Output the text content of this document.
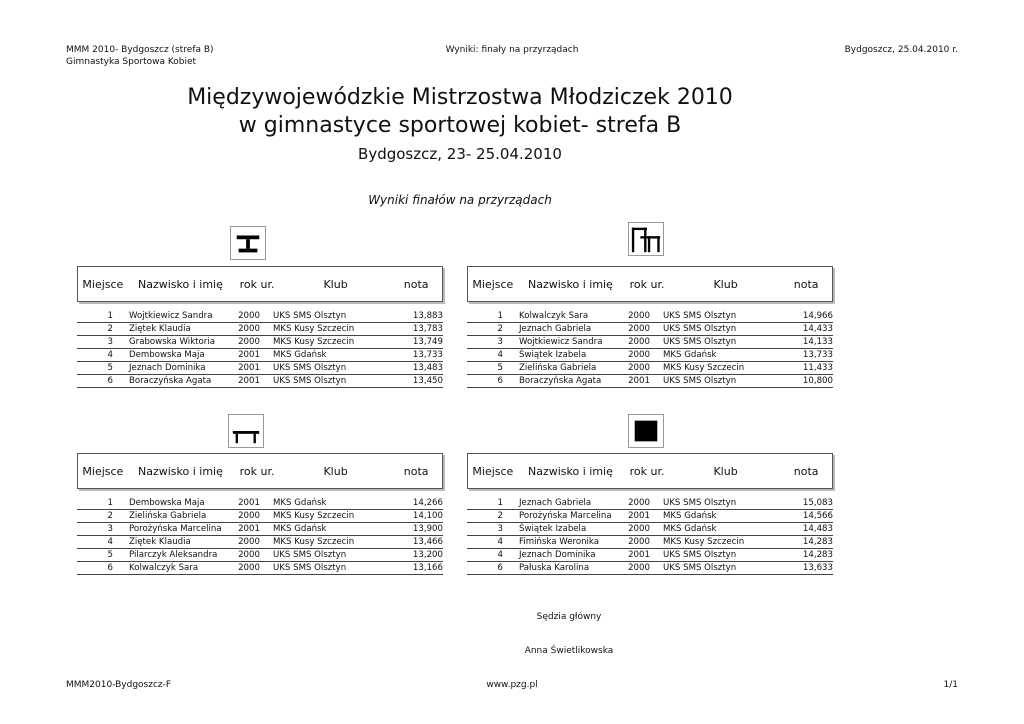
MMM 2010- Bydgoszcz (strefa B)
Gimnastyka Sportowa Kobiet
Wyniki: finały na przyrządach	Bydgoszcz, 25.04.2010 r.
Międzywojewódzkie Mistrzostwa Młodziczek 2010
w gimnastyce sportowej kobiet- strefa B
Bydgoszcz, 23- 25.04.2010
Wyniki finałów na przyrządach
Miejsce	Nazwisko i imię	rok ur.	Klub	nota
1	Wojtkiewicz Sandra	2000	UKS SMS Olsztyn	13,883
2	Ziętek Klaudia	2000	MKS Kusy Szczecin	13,783
3	Grabowska Wiktoria	2000	MKS Kusy Szczecin	13,749
4	Dembowska Maja	2001	MKS Gdańsk	13,733
5	Jeznach Dominika	2001	UKS SMS Olsztyn	13,483
6	Boraczyńska Agata	2001	UKS SMS Olsztyn	13,450
Miejsce	Nazwisko i imię	rok ur.	Klub	nota
1	Kolwalczyk Sara	2000	UKS SMS Olsztyn	14,966
2	Jeznach Gabriela	2000	UKS SMS Olsztyn	14,433
3	Wojtkiewicz Sandra	2000	UKS SMS Olsztyn	14,133
4	Świątek Izabela	2000	MKS Gdańsk	13,733
5	Zielińska Gabriela	2000	MKS Kusy Szczecin	11,433
6	Boraczyńska Agata	2001	UKS SMS Olsztyn	10,800
Miejsce	Nazwisko i imię	rok ur.	Klub	nota
1	Dembowska Maja	2001	MKS Gdańsk	14,266
2	Zielińska Gabriela	2000	MKS Kusy Szczecin	14,100
3	Porożyńska Marcelina	2001	MKS Gdańsk	13,900
4	Ziętek Klaudia	2000	MKS Kusy Szczecin	13,466
5	Pilarczyk Aleksandra	2000	UKS SMS Olsztyn	13,200
6	Kolwalczyk Sara	2000	UKS SMS Olsztyn	13,166
Miejsce	Nazwisko i imię	rok ur.	Klub	nota
1	Jeznach Gabriela	2000	UKS SMS Olsztyn	15,083
2	Porożyńska Marcelina	2001	MKS Gdańsk	14,566
3	Świątek Izabela	2000	MKS Gdańsk	14,483
4	Fimińska Weronika	2000	MKS Kusy Szczecin	14,283
4	Jeznach Dominika	2001	UKS SMS Olsztyn	14,283
6	Pałuska Karolina	2000	UKS SMS Olsztyn	13,633
Sędzia główny
Anna Świetlikowska
MMM2010-Bydgoszcz-F	www.pzg.pl	1/1
